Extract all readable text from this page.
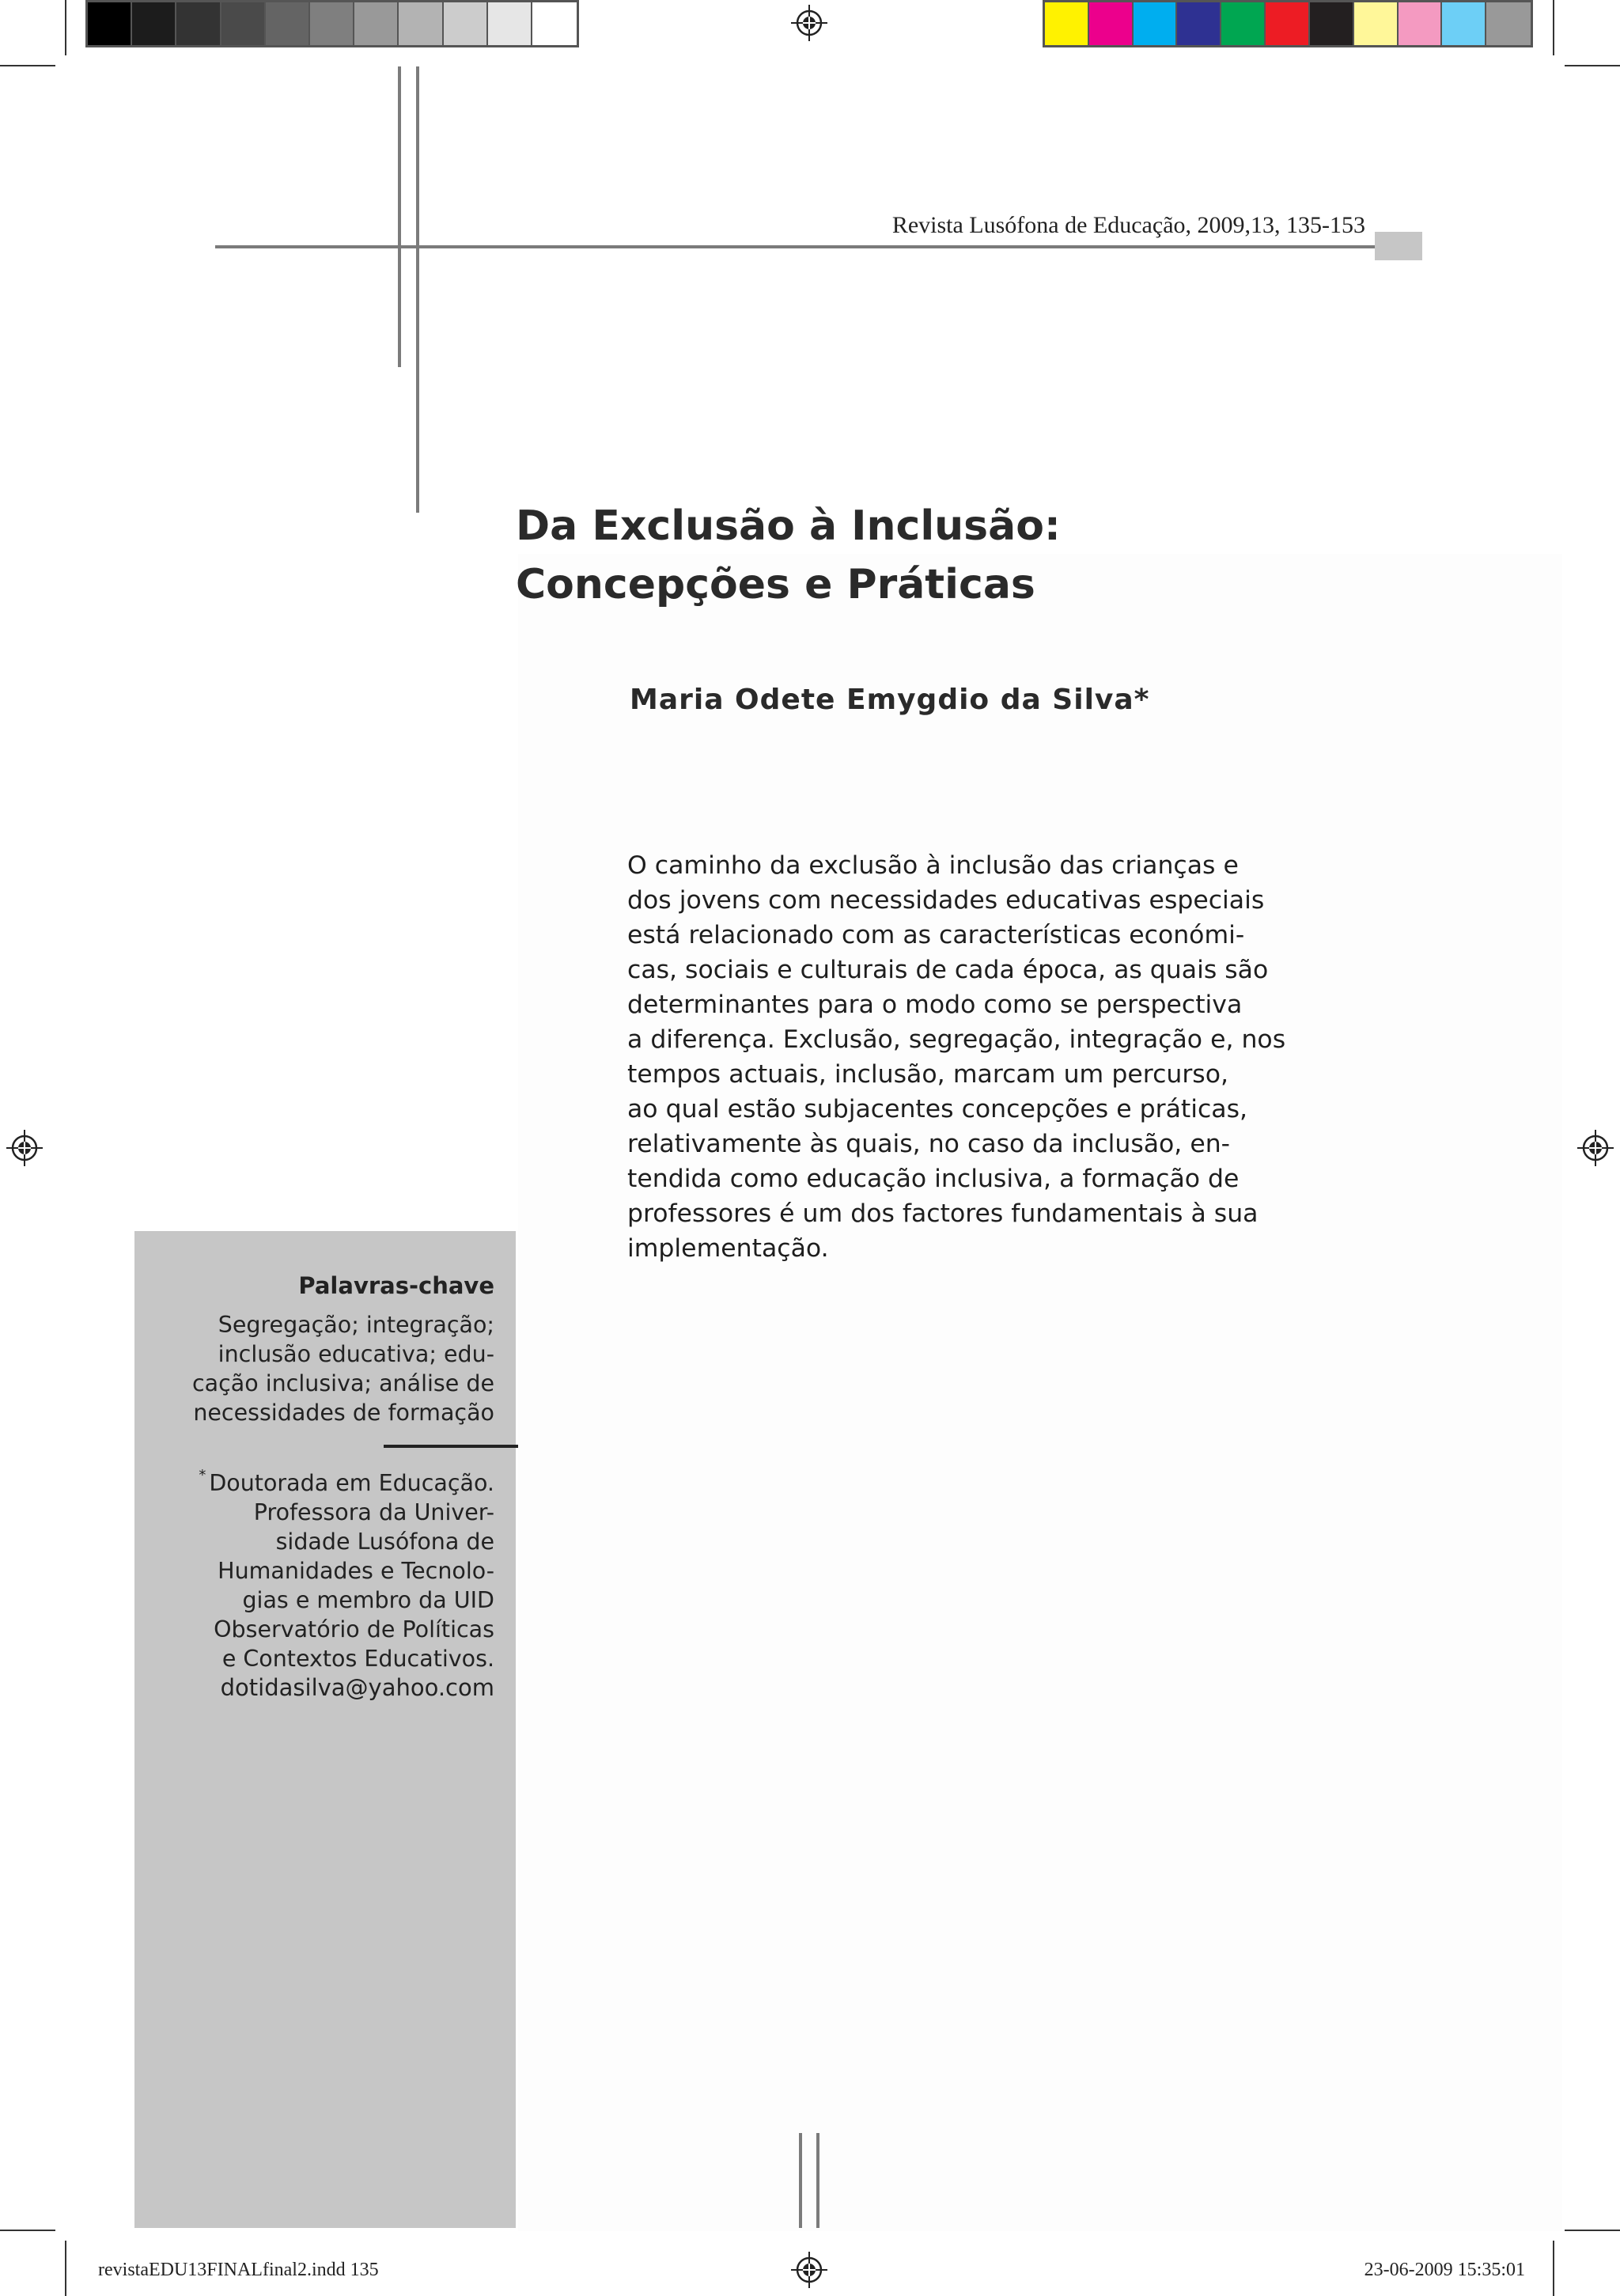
Revista Lusófona de Educação, 2009,13, 135-153
Da Exclusão à Inclusão:
Concepções e Práticas
Maria Odete Emygdio da Silva*
O caminho da exclusão à inclusão das crianças e
dos jovens com necessidades educativas especiais
está relacionado com as características económi-
cas, sociais e culturais de cada época, as quais são
determinantes para o modo como se perspectiva
a diferença. Exclusão, segregação, integração e, nos
tempos actuais, inclusão, marcam um percurso,
ao qual estão subjacentes concepções e práticas,
relativamente às quais, no caso da inclusão, en-
tendida como educação inclusiva, a formação de
professores é um dos factores fundamentais à sua
implementação.
Palavras-chave
Segregação; integração;
inclusão educativa; edu-
cação inclusiva; análise de
necessidades de formação
* Doutorada em Educação.
Professora da Univer-
sidade Lusófona de
Humanidades e Tecnolo-
gias e membro da UID
Observatório de Políticas
e Contextos Educativos.
dotidasilva@yahoo.com
revistaEDU13FINALfinal2.indd 135	23-06-2009 15:35:01
